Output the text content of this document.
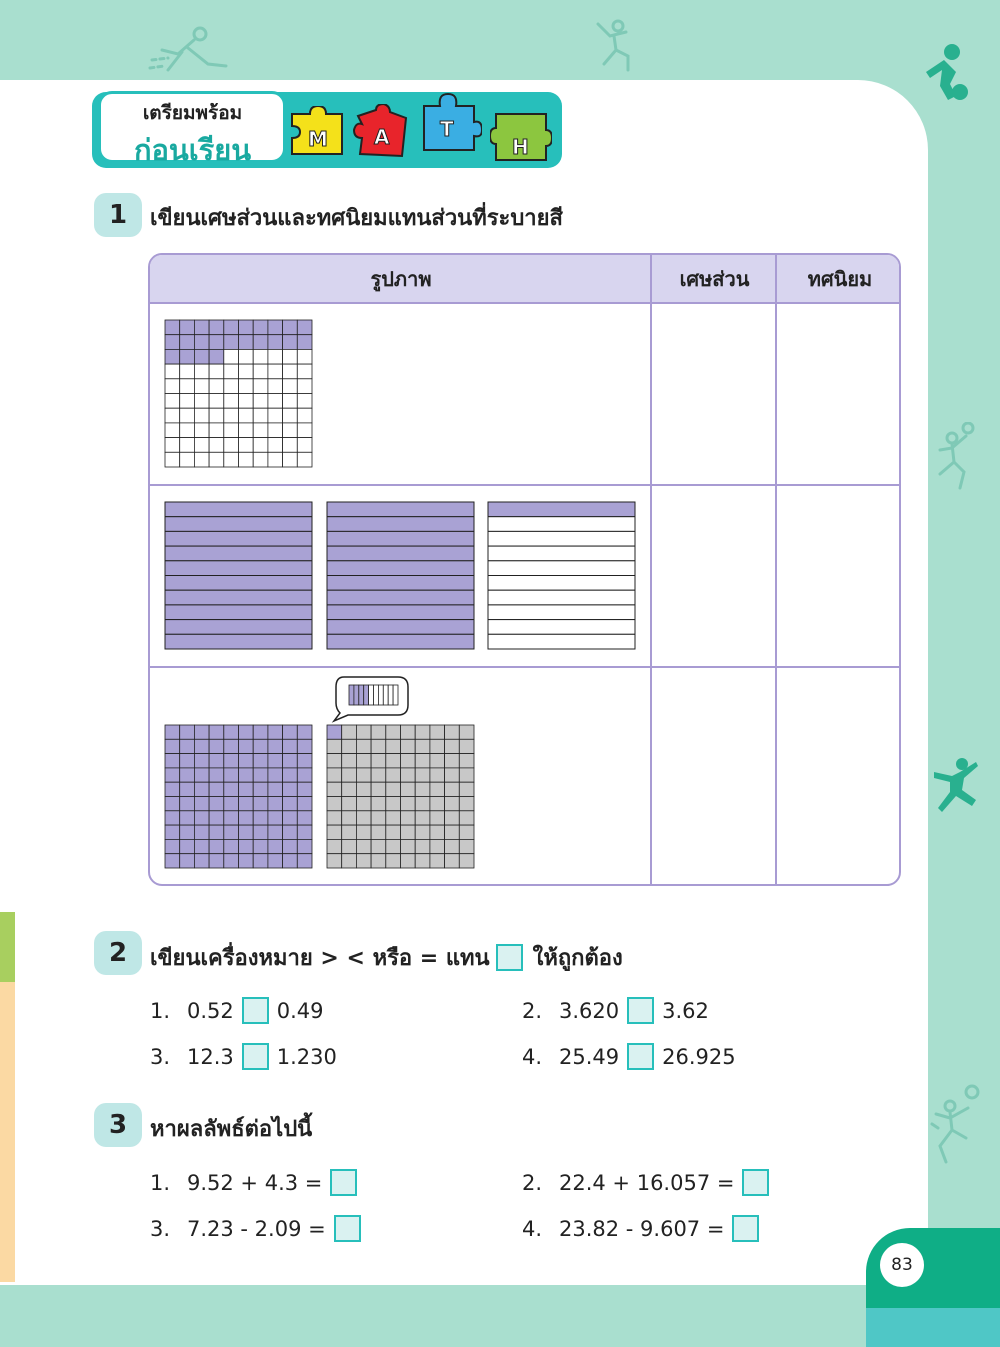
83
เตรียมพร้อม
ก่อนเรียน	M A	T
H
1	เขียนเศษส่วนและทศนิยมแทนส่วนที่ระบายสี
รูปภาพ	เศษส่วน	ทศนิยม
2	เขียนเครื่องหมาย > < หรือ = แทน ให้ถูกต้อง
1. 0.52 0.49	2. 3.620 3.62
3. 12.3 1.230	4. 25.49 26.925
3	หาผลลัพธ์ต่อไปนี้
1. 9.52 + 4.3 =	2. 22.4 + 16.057 =
3. 7.23 - 2.09 =	4. 23.82 - 9.607 =
